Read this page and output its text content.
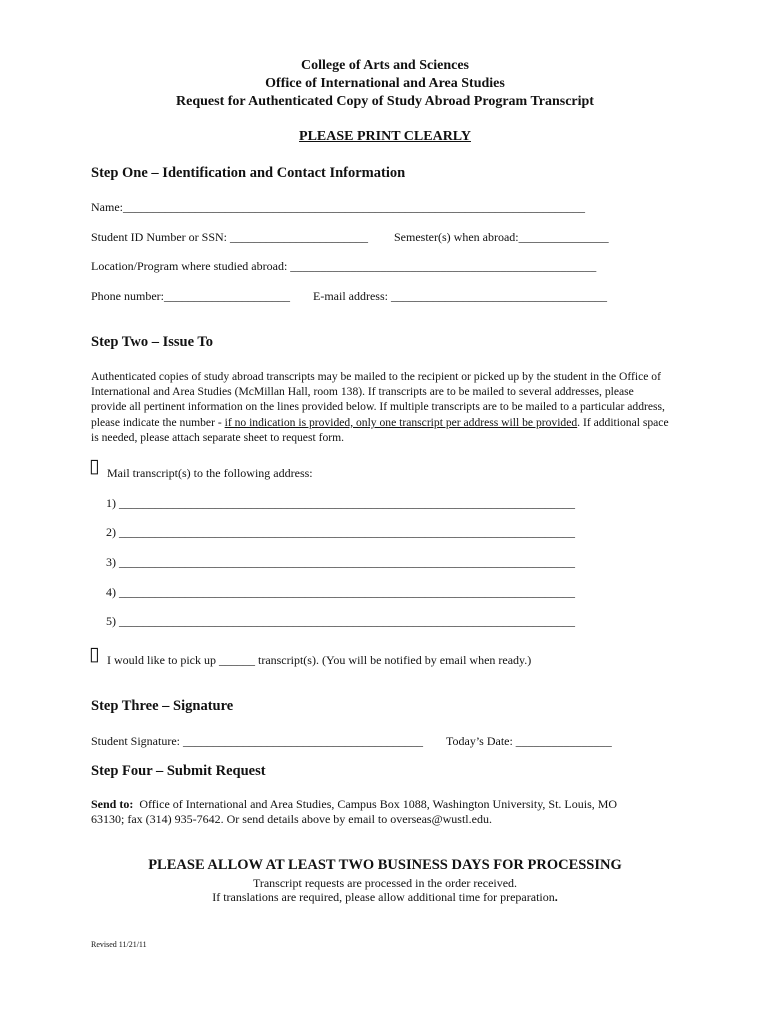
College of Arts and Sciences
Office of International and Area Studies
Request for Authenticated Copy of Study Abroad Program Transcript
PLEASE PRINT CLEARLY
Step One – Identification and Contact Information
Name:_____________________________________________________________________________
Student ID Number or SSN: _______________________ Semester(s) when abroad:_______________
Location/Program where studied abroad: ___________________________________________________
Phone number:_____________________ E-mail address: ____________________________________
Step Two – Issue To
Authenticated copies of study abroad transcripts may be mailed to the recipient or picked up by the student in the Office of International and Area Studies (McMillan Hall, room 138). If transcripts are to be mailed to several addresses, please provide all pertinent information on the lines provided below. If multiple transcripts are to be mailed to a particular address, please indicate the number - if no indication is provided, only one transcript per address will be provided. If additional space is needed, please attach separate sheet to request form.
▯ Mail transcript(s) to the following address:
1) ____________________________________________________________________________
2) ____________________________________________________________________________
3) ____________________________________________________________________________
4) ____________________________________________________________________________
5) ____________________________________________________________________________
▯ I would like to pick up ______ transcript(s). (You will be notified by email when ready.)
Step Three – Signature
Student Signature: ________________________________________ Today’s Date: ________________
Step Four – Submit Request
Send to: Office of International and Area Studies, Campus Box 1088, Washington University, St. Louis, MO
63130; fax (314) 935-7642. Or send details above by email to overseas@wustl.edu.
PLEASE ALLOW AT LEAST TWO BUSINESS DAYS FOR PROCESSING
Transcript requests are processed in the order received.
If translations are required, please allow additional time for preparation.
Revised 11/21/11
